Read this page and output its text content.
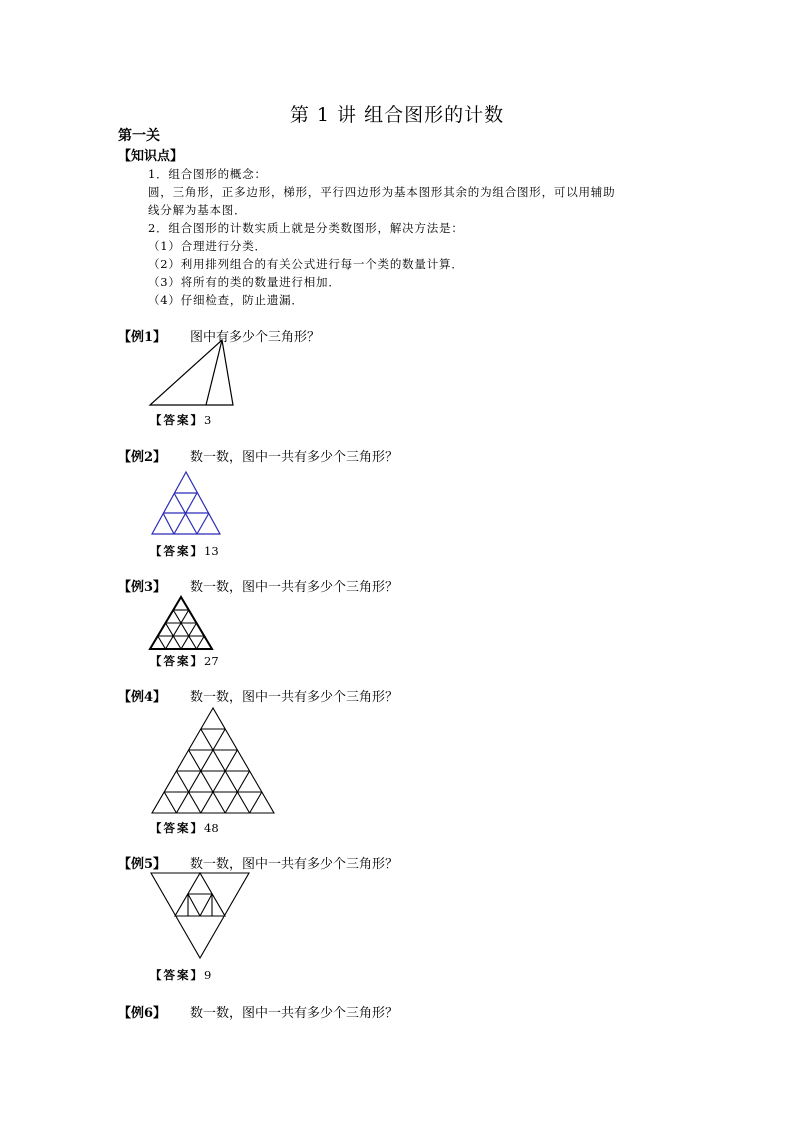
第 1 讲 组合图形的计数
第一关
【知识点】
1．组合图形的概念：
圆，三角形，正多边形，梯形，平行四边形为基本图形其余的为组合图形，可以用辅助
线分解为基本图．
2．组合图形的计数实质上就是分类数图形，解决方法是：
（1）合理进行分类．
（2）利用排列组合的有关公式进行每一个类的数量计算．
（3）将所有的类的数量进行相加．
（4）仔细检查，防止遗漏．
【例1】 图中有多少个三角形？
【答案】3
【例2】 数一数，图中一共有多少个三角形？
【答案】13
【例3】 数一数，图中一共有多少个三角形？
【答案】27
【例4】 数一数，图中一共有多少个三角形？
【答案】48
【例5】 数一数，图中一共有多少个三角形？
【答案】9
【例6】 数一数，图中一共有多少个三角形？
